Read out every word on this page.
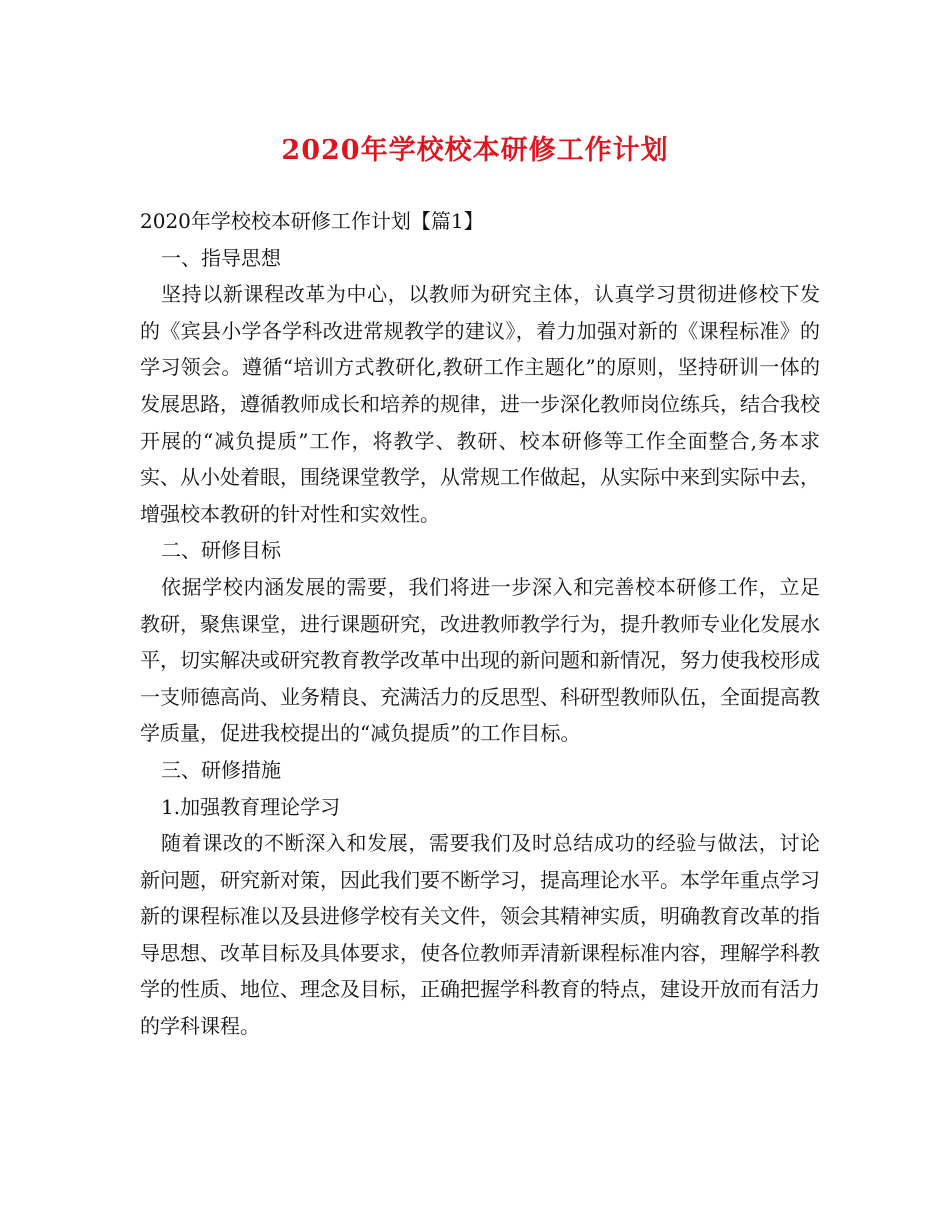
2020年学校校本研修工作计划

2020年学校校本研修工作计划【篇1】

一、指导思想

坚持以新课程改革为中心，以教师为研究主体，认真学习贯彻进修校下发的《宾县小学各学科改进常规教学的建议》，着力加强对新的《课程标准》的学习领会。遵循“培训方式教研化,教研工作主题化”的原则，坚持研训一体的发展思路，遵循教师成长和培养的规律，进一步深化教师岗位练兵，结合我校开展的“减负提质”工作，将教学、教研、校本研修等工作全面整合,务本求实、从小处着眼，围绕课堂教学，从常规工作做起，从实际中来到实际中去，增强校本教研的针对性和实效性。

二、研修目标

依据学校内涵发展的需要，我们将进一步深入和完善校本研修工作，立足教研，聚焦课堂，进行课题研究，改进教师教学行为，提升教师专业化发展水平，切实解决或研究教育教学改革中出现的新问题和新情况，努力使我校形成一支师德高尚、业务精良、充满活力的反思型、科研型教师队伍，全面提高教学质量，促进我校提出的“减负提质”的工作目标。

三、研修措施

1.加强教育理论学习

随着课改的不断深入和发展，需要我们及时总结成功的经验与做法，讨论新问题，研究新对策，因此我们要不断学习，提高理论水平。本学年重点学习新的课程标准以及县进修学校有关文件，领会其精神实质，明确教育改革的指导思想、改革目标及具体要求，使各位教师弄清新课程标准内容，理解学科教学的性质、地位、理念及目标，正确把握学科教育的特点，建设开放而有活力的学科课程。
